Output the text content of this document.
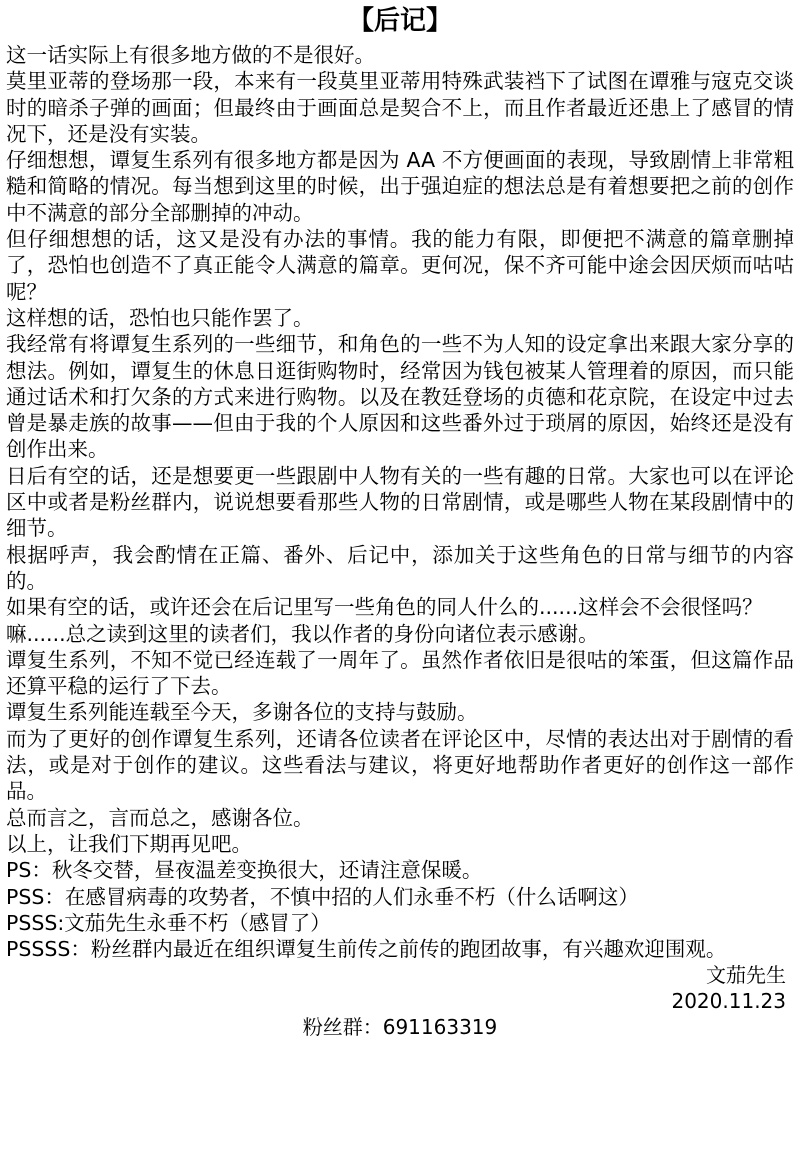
【后记】

这一话实际上有很多地方做的不是很好。

莫里亚蒂的登场那一段，本来有一段莫里亚蒂用特殊武装裆下了试图在谭雅与寇克交谈时的暗杀子弹的画面；但最终由于画面总是契合不上，而且作者最近还患上了感冒的情况下，还是没有实装。

仔细想想，谭复生系列有很多地方都是因为 AA 不方便画面的表现，导致剧情上非常粗糙和简略的情况。每当想到这里的时候，出于强迫症的想法总是有着想要把之前的创作中不满意的部分全部删掉的冲动。

但仔细想想的话，这又是没有办法的事情。我的能力有限，即便把不满意的篇章删掉了，恐怕也创造不了真正能令人满意的篇章。更何况，保不齐可能中途会因厌烦而咕咕呢？

这样想的话，恐怕也只能作罢了。

我经常有将谭复生系列的一些细节，和角色的一些不为人知的设定拿出来跟大家分享的想法。例如，谭复生的休息日逛街购物时，经常因为钱包被某人管理着的原因，而只能通过话术和打欠条的方式来进行购物。以及在教廷登场的贞德和花京院，在设定中过去曾是暴走族的故事——但由于我的个人原因和这些番外过于琐屑的原因，始终还是没有创作出来。

日后有空的话，还是想要更一些跟剧中人物有关的一些有趣的日常。大家也可以在评论区中或者是粉丝群内，说说想要看那些人物的日常剧情，或是哪些人物在某段剧情中的细节。

根据呼声，我会酌情在正篇、番外、后记中，添加关于这些角色的日常与细节的内容的。

如果有空的话，或许还会在后记里写一些角色的同人什么的......这样会不会很怪吗？

嘛......总之读到这里的读者们，我以作者的身份向诸位表示感谢。

谭复生系列，不知不觉已经连载了一周年了。虽然作者依旧是很咕的笨蛋，但这篇作品还算平稳的运行了下去。

谭复生系列能连载至今天，多谢各位的支持与鼓励。

而为了更好的创作谭复生系列，还请各位读者在评论区中，尽情的表达出对于剧情的看法，或是对于创作的建议。这些看法与建议，将更好地帮助作者更好的创作这一部作品。

总而言之，言而总之，感谢各位。

以上，让我们下期再见吧。

PS：秋冬交替，昼夜温差变换很大，还请注意保暖。

PSS：在感冒病毒的攻势者，不慎中招的人们永垂不朽（什么话啊这）

PSSS:文茄先生永垂不朽（感冒了）

PSSSS：粉丝群内最近在组织谭复生前传之前传的跑团故事，有兴趣欢迎围观。

文茄先生

2020.11.23

粉丝群：691163319
